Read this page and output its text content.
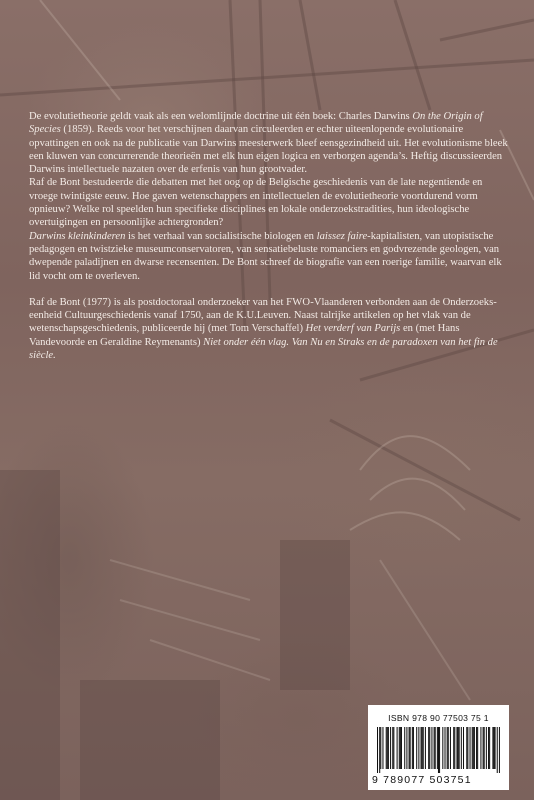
De evolutietheorie geldt vaak als een welomlijnde doctrine uit één boek: Charles Darwins On the Origin of Species (1859). Reeds voor het verschijnen daarvan circuleerden er echter uiteenlopende evolutionaire opvattingen en ook na de publicatie van Darwins meesterwerk bleef eensgezindheid uit. Het evolutionisme bleek een kluwen van concurrerende theorieën met elk hun eigen logica en verborgen agenda’s. Heftig discussieerden Darwins intellectuele nazaten over de erfenis van hun grootvader.

Raf de Bont bestudeerde die debatten met het oog op de Belgische geschiedenis van de late negentiende en vroege twintigste eeuw. Hoe gaven wetenschappers en intellectuelen de evolutietheorie voortdurend vorm opnieuw? Welke rol speelden hun specifieke disciplines en lokale onderzoekstradities, hun ideologische overtuigingen en persoonlijke achtergronden?

Darwins kleinkinderen is het verhaal van socialistische biologen en laissez faire-kapitalisten, van utopistische pedagogen en twistzieke museumconservatoren, van sensatiebeluste romanciers en godvrezende geologen, van dwepende paladijnen en dwarse recensenten. De Bont schreef de biografie van een roerige familie, waarvan elk lid vocht om te overleven.

Raf de Bont (1977) is als postdoctoraal onderzoeker van het FWO-Vlaanderen verbonden aan de Onderzoeks-eenheid Cultuurgeschiedenis vanaf 1750, aan de K.U.Leuven. Naast talrijke artikelen op het vlak van de wetenschapsgeschiedenis, publiceerde hij (met Tom Verschaffel) Het verderf van Parijs en (met Hans Vandevoorde en Geraldine Reymenants) Niet onder één vlag. Van Nu en Straks en de paradoxen van het fin de siècle.

ISBN 978 90 77503 75 1
9 789077 503751
